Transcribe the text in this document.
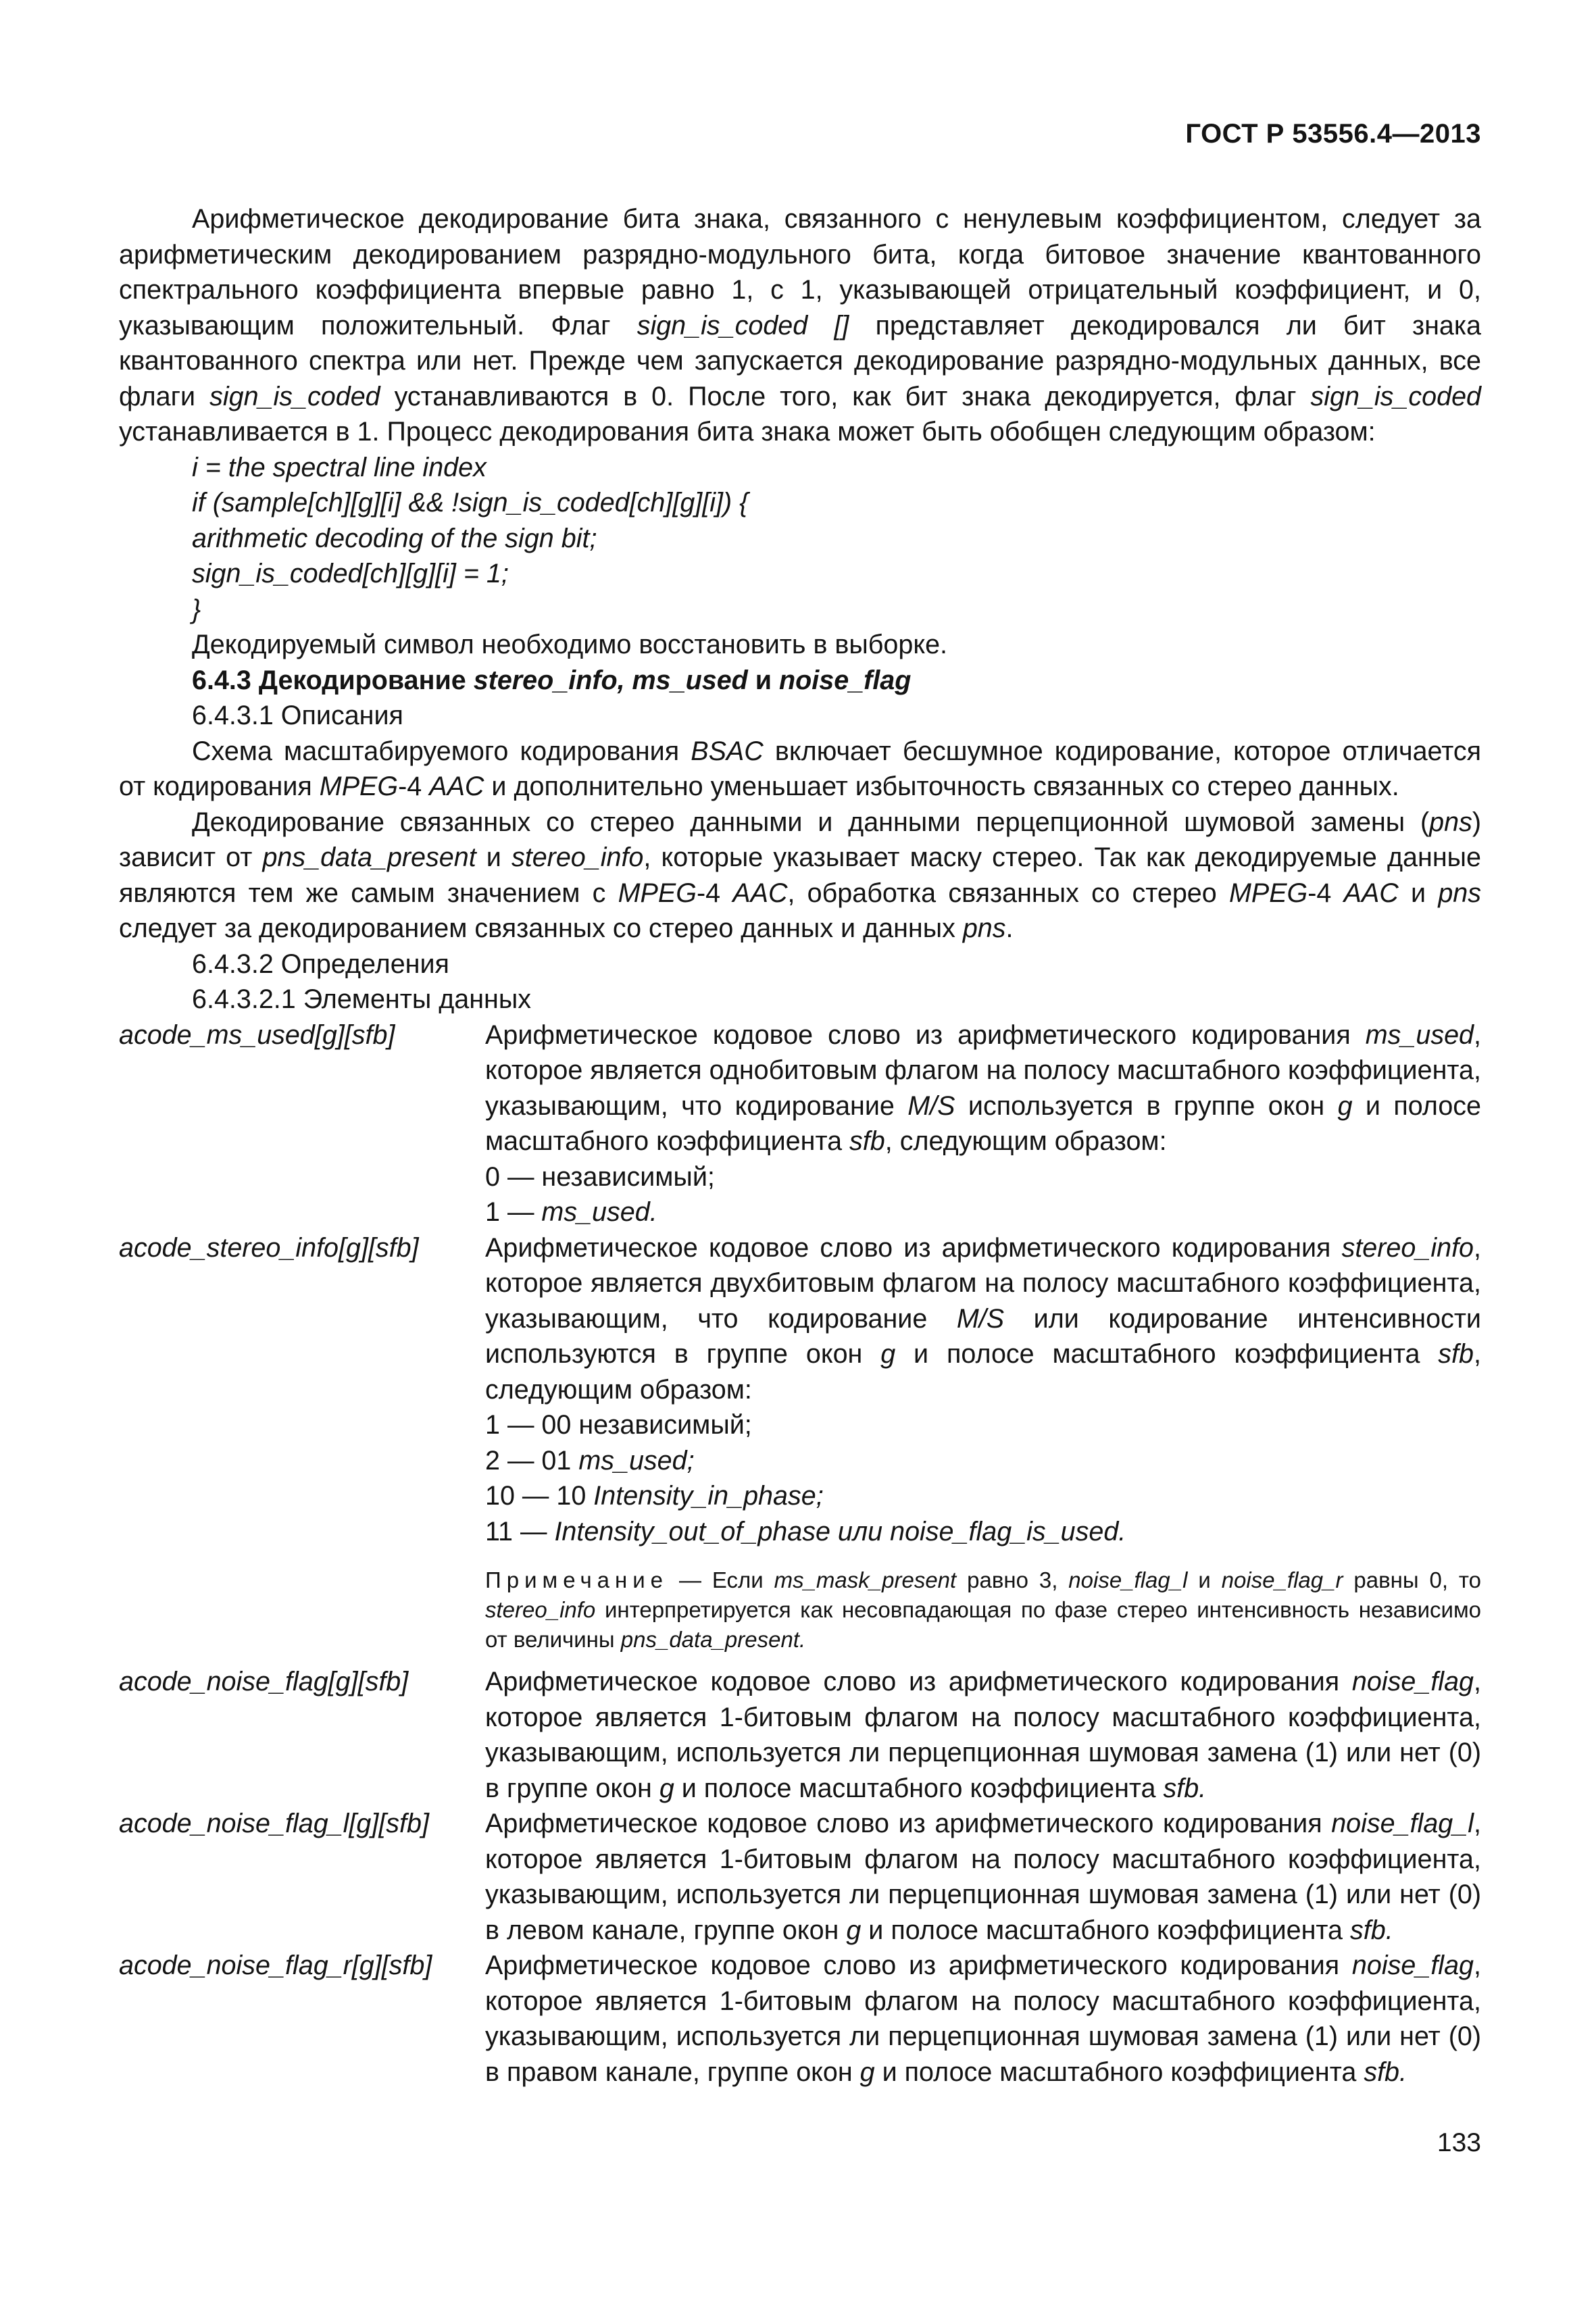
ГОСТ Р 53556.4—2013

Арифметическое декодирование бита знака, связанного с ненулевым коэффициентом, следует за арифметическим декодированием разрядно-модульного бита, когда битовое значение квантованного спектрального коэффициента впервые равно 1, с 1, указывающей отрицательный коэффициент, и 0, указывающим положительный. Флаг sign_is_coded [] представляет декодировался ли бит знака квантованного спектра или нет. Прежде чем запускается декодирование разрядно-модульных данных, все флаги sign_is_coded устанавливаются в 0. После того, как бит знака декодируется, флаг sign_is_coded устанавливается в 1. Процесс декодирования бита знака может быть обобщен следующим образом:

i = the spectral line index

if (sample[ch][g][i] && !sign_is_coded[ch][g][i]) {

arithmetic decoding of the sign bit;

sign_is_coded[ch][g][i] = 1;

}

Декодируемый символ необходимо восстановить в выборке.

6.4.3 Декодирование stereo_info, ms_used и noise_flag

6.4.3.1 Описания

Схема масштабируемого кодирования BSAC включает бесшумное кодирование, которое отличается от кодирования MPEG-4 AAC и дополнительно уменьшает избыточность связанных со стерео данных.

Декодирование связанных со стерео данными и данными перцепционной шумовой замены (pns) зависит от pns_data_present и stereo_info, которые указывает маску стерео. Так как декодируемые данные являются тем же самым значением с MPEG-4 AAC, обработка связанных со стерео MPEG-4 AAC и pns следует за декодированием связанных со стерео данных и данных pns.

6.4.3.2 Определения

6.4.3.2.1 Элементы данных

acode_ms_used[g][sfb]	Арифметическое кодовое слово из арифметического кодирования ms_used, которое является однобитовым флагом на полосу масштабного коэффициента, указывающим, что кодирование M/S используется в группе окон g и полосе масштабного коэффициента sfb, следующим образом:

0 — независимый;

1 — ms_used.

acode_stereo_info[g][sfb]	Арифметическое кодовое слово из арифметического кодирования stereo_info, которое является двухбитовым флагом на полосу масштабного коэффициента, указывающим, что кодирование M/S или кодирование интенсивности используются в группе окон g и полосе масштабного коэффициента sfb, следующим образом:

1 — 00 независимый;

2 — 01 ms_used;

10 — 10 Intensity_in_phase;

11 — Intensity_out_of_phase или noise_flag_is_used.

Примечание — Если ms_mask_present равно 3, noise_flag_l и noise_flag_r равны 0, то stereo_info интерпретируется как несовпадающая по фазе стерео интенсивность независимо от величины pns_data_present.

acode_noise_flag[g][sfb]	Арифметическое кодовое слово из арифметического кодирования noise_flag, которое является 1-битовым флагом на полосу масштабного коэффициента, указывающим, используется ли перцепционная шумовая замена (1) или нет (0) в группе окон g и полосе масштабного коэффициента sfb.

acode_noise_flag_l[g][sfb]	Арифметическое кодовое слово из арифметического кодирования noise_flag_l, которое является 1-битовым флагом на полосу масштабного коэффициента, указывающим, используется ли перцепционная шумовая замена (1) или нет (0) в левом канале, группе окон g и полосе масштабного коэффициента sfb.

acode_noise_flag_r[g][sfb]	Арифметическое кодовое слово из арифметического кодирования noise_flag, которое является 1-битовым флагом на полосу масштабного коэффициента, указывающим, используется ли перцепционная шумовая замена (1) или нет (0) в правом канале, группе окон g и полосе масштабного коэффициента sfb.

133
